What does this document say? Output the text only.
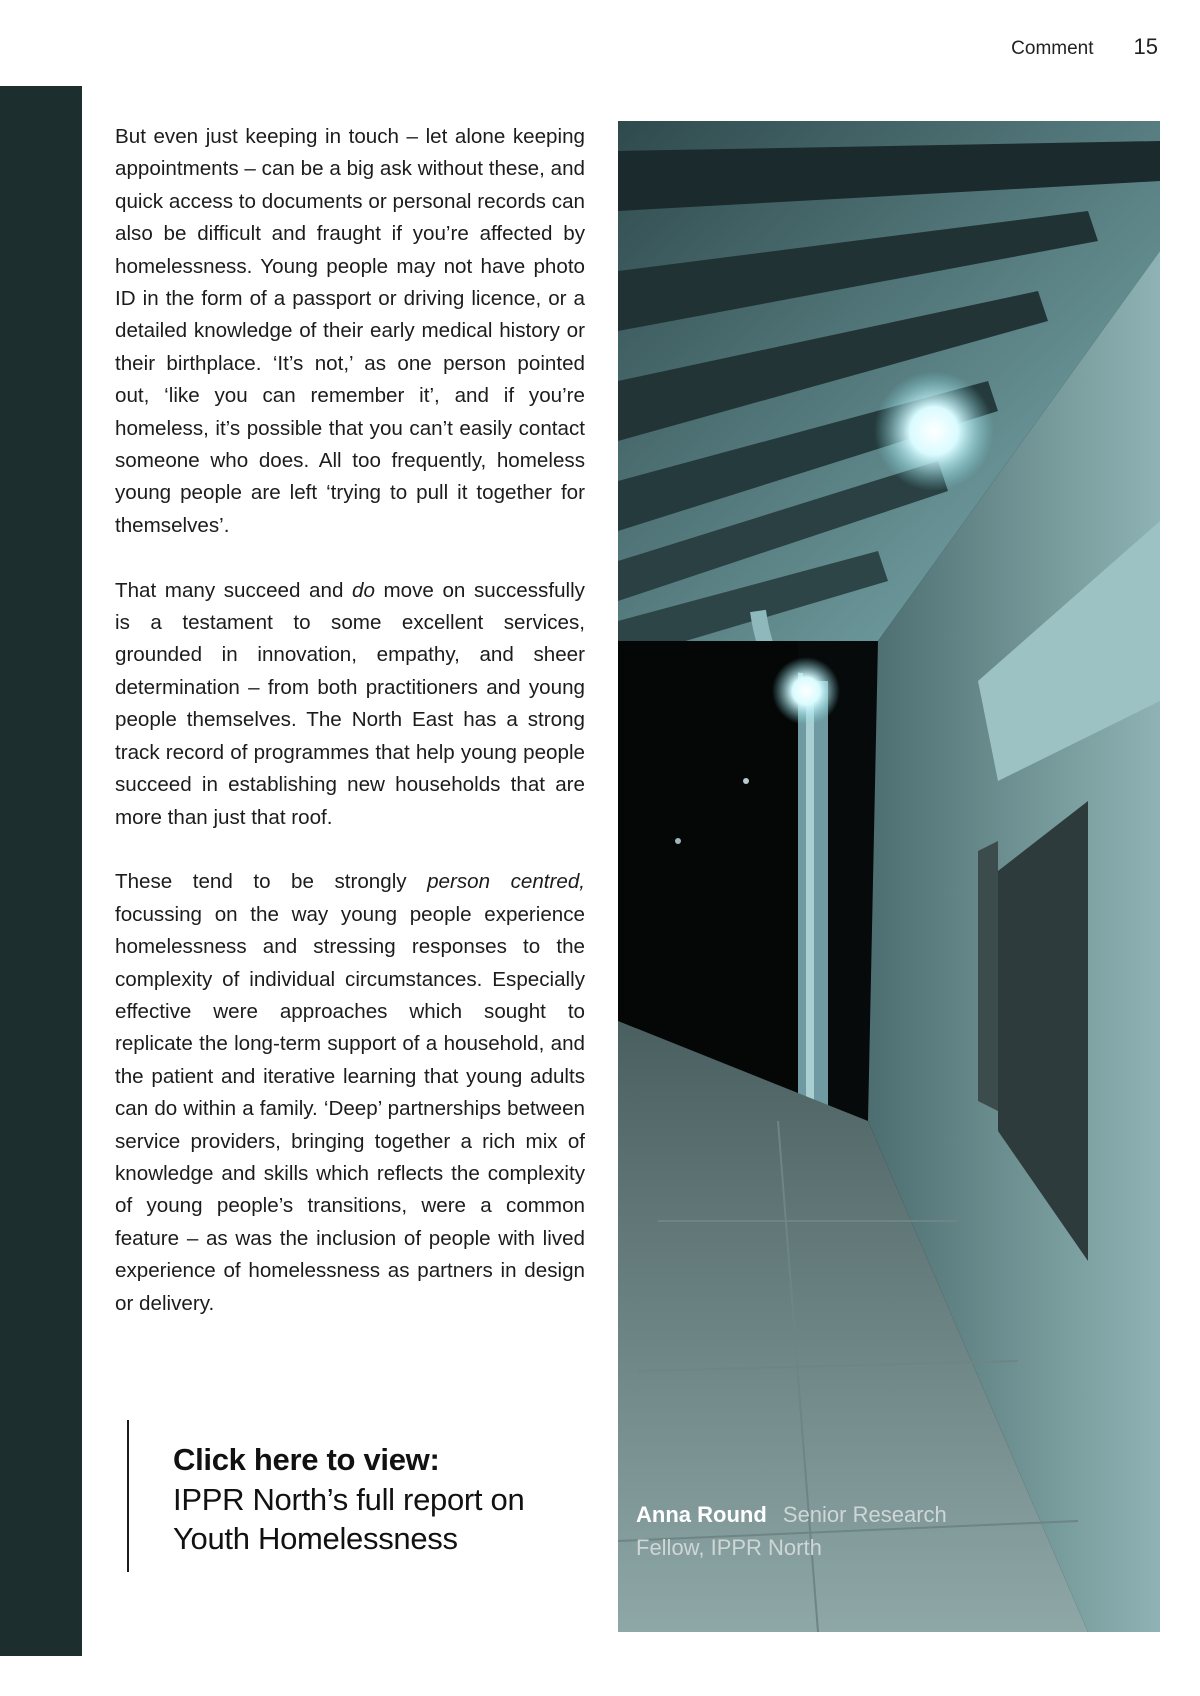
Comment 15

But even just keeping in touch – let alone keeping appointments – can be a big ask without these, and quick access to documents or personal records can also be difficult and fraught if you’re affected by homelessness. Young people may not have photo ID in the form of a passport or driving licence, or a detailed knowledge of their early medical history or their birthplace. ‘It’s not,’ as one person pointed out, ‘like you can remember it’, and if you’re homeless, it’s possible that you can’t easily contact someone who does. All too frequently, homeless young people are left ‘trying to pull it together for themselves’.

That many succeed and do move on successfully is a testament to some excellent services, grounded in innovation, empathy, and sheer determination – from both practitioners and young people themselves. The North East has a strong track record of programmes that help young people succeed in establishing new households that are more than just that roof.

These tend to be strongly person centred, focussing on the way young people experience homelessness and stressing responses to the complexity of individual circumstances. Especially effective were approaches which sought to replicate the long-term support of a household, and the patient and iterative learning that young adults can do within a family. ‘Deep’ partnerships between service providers, bringing together a rich mix of knowledge and skills which reflects the complexity of young people’s transitions, were a common feature – as was the inclusion of people with lived experience of homelessness as partners in design or delivery.

Click here to view:
IPPR North’s full report on
Youth Homelessness
Anna Round Senior Research Fellow, IPPR North
